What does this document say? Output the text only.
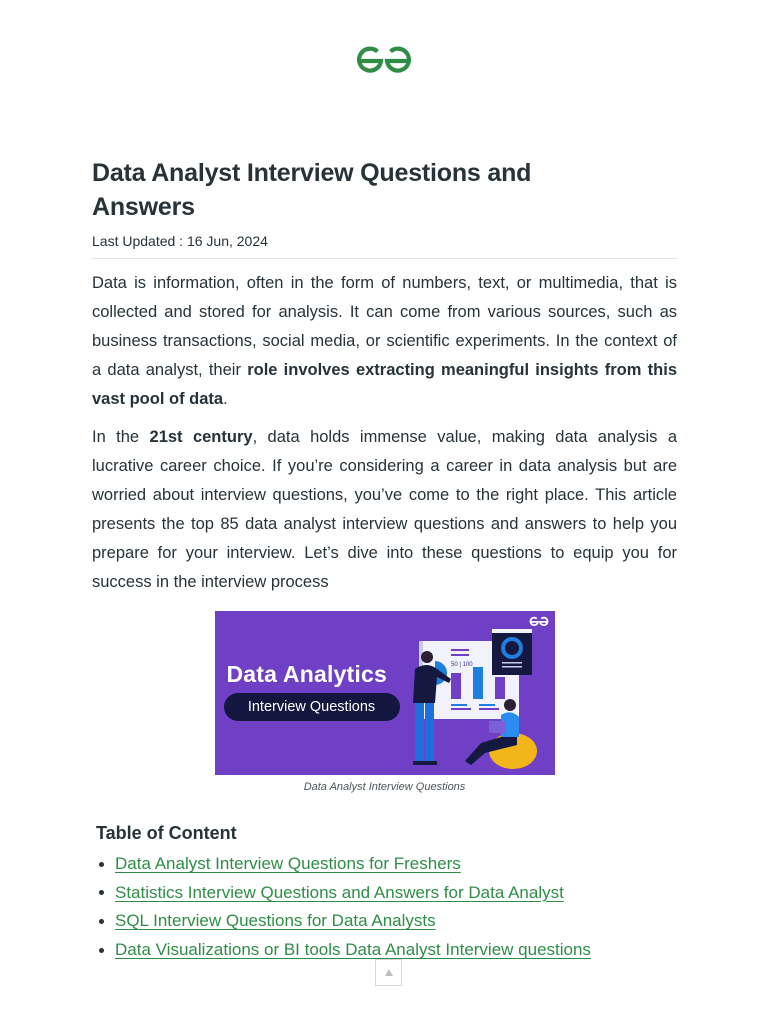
Data Analyst Interview Questions and Answers
Last Updated : 16 Jun, 2024

Data is information, often in the form of numbers, text, or multimedia, that is collected and stored for analysis. It can come from various sources, such as business transactions, social media, or scientific experiments. In the context of a data analyst, their role involves extracting meaningful insights from this vast pool of data.

In the 21st century, data holds immense value, making data analysis a lucrative career choice. If you’re considering a career in data analysis but are worried about interview questions, you’ve come to the right place. This article presents the top 85 data analyst interview questions and answers to help you prepare for your interview. Let’s dive into these questions to equip you for success in the interview process

Data Analytics
Interview Questions
50 | 100
Data Analyst Interview Questions
Table of Content
Data Analyst Interview Questions for Freshers
Statistics Interview Questions and Answers for Data Analyst
SQL Interview Questions for Data Analysts
Data Visualizations or BI tools Data Analyst Interview questions
